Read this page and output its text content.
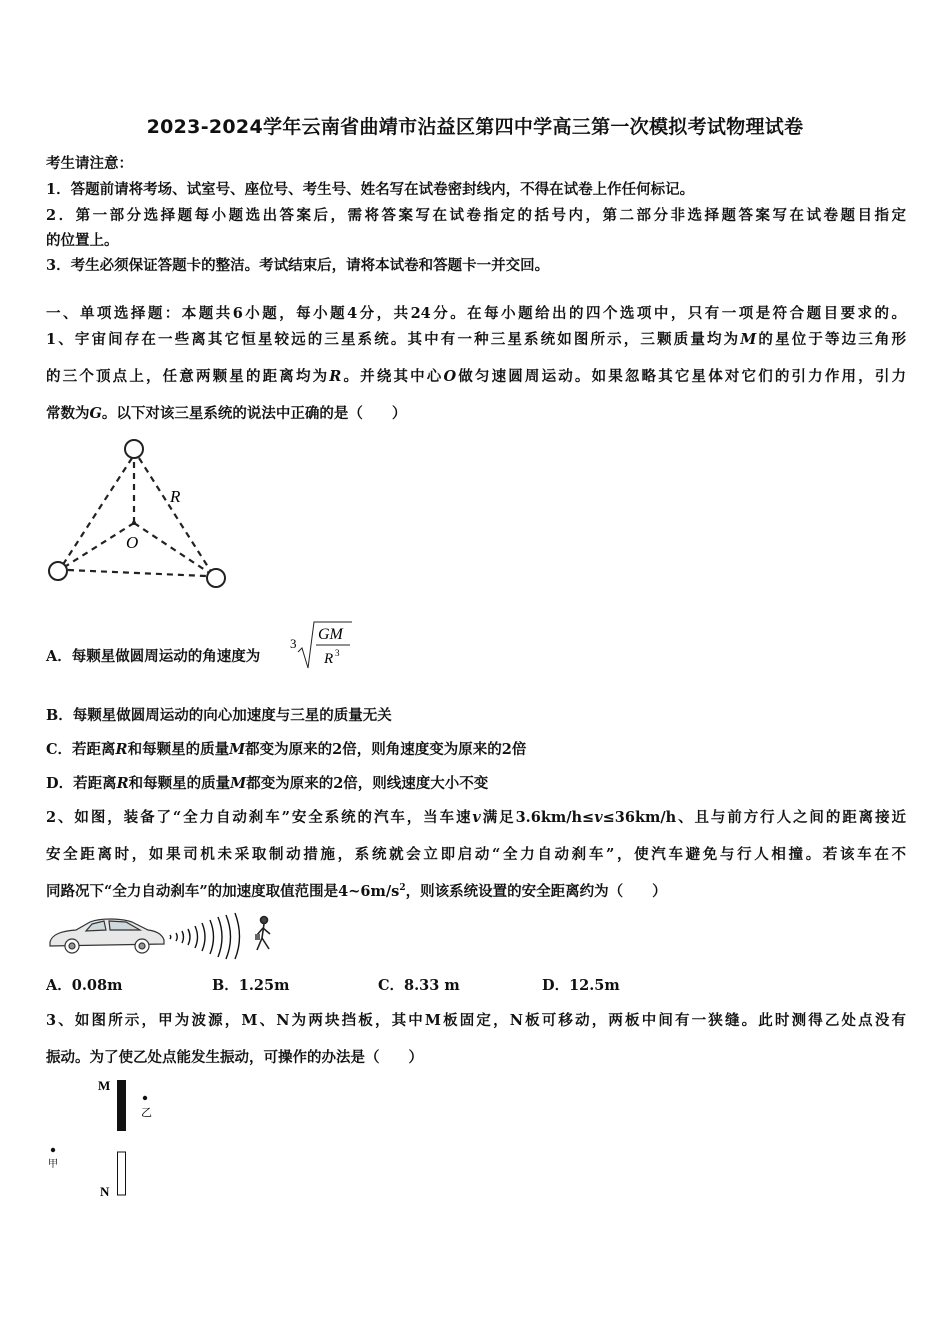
2023-2024学年云南省曲靖市沾益区第四中学高三第一次模拟考试物理试卷
考生请注意：
1．答题前请将考场、试室号、座位号、考生号、姓名写在试卷密封线内，不得在试卷上作任何标记。
2．第一部分选择题每小题选出答案后，需将答案写在试卷指定的括号内，第二部分非选择题答案写在试卷题目指定
的位置上。
3．考生必须保证答题卡的整洁。考试结束后，请将本试卷和答题卡一并交回。
一、单项选择题：本题共6小题，每小题4分，共24分。在每小题给出的四个选项中，只有一项是符合题目要求的。
1、宇宙间存在一些离其它恒星较远的三星系统。其中有一种三星系统如图所示，三颗质量均为M的星位于等边三角形
的三个顶点上，任意两颗星的距离均为R。并绕其中心O做匀速圆周运动。如果忽略其它星体对它们的引力作用，引力
常数为G。以下对该三星系统的说法中正确的是（　　）
R
O
A．每颗星做圆周运动的角速度为
3
GM
R 3
B．每颗星做圆周运动的向心加速度与三星的质量无关
C．若距离R和每颗星的质量M都变为原来的2倍，则角速度变为原来的2倍
D．若距离R和每颗星的质量M都变为原来的2倍，则线速度大小不变
2、如图，装备了“全力自动刹车”安全系统的汽车，当车速v满足3.6km/h≤v≤36km/h、且与前方行人之间的距离接近
安全距离时，如果司机未采取制动措施，系统就会立即启动“全力自动刹车”，使汽车避免与行人相撞。若该车在不
同路况下“全力自动刹车”的加速度取值范围是$4\sim 6m/s^2$，则该系统设置的安全距离约为（　　）
A．0.08m	B．1.25m	C．8.33 m	D．12.5m
3、如图所示，甲为波源，M、N为两块挡板，其中M板固定，N板可移动，两板中间有一狭缝。此时测得乙处点没有
振动。为了使乙处点能发生振动，可操作的办法是（　　）
M
乙
甲
N
